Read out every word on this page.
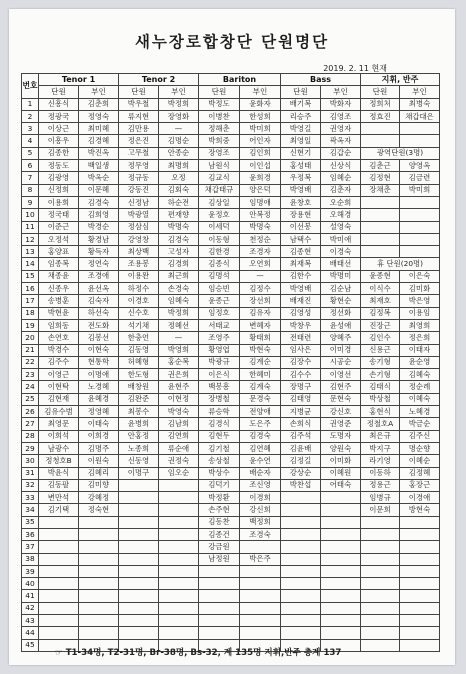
새누장로합창단 단원명단
2019. 2. 11 현재
번호	Tenor 1		Tenor 2		Bariton		Bass		지휘, 반주	
	단원	부인	단원	부인	단원	부인	단원	부인	단원	부인
1	신흥식	김춘희	박우철	박정희	박정도	윤화자	배기복	박화자	정희처	최병숙
2	정광국	정영숙	류지현	장영화	이병찬	한성희	리승주	김영조	정효진	채갑대은
3	이상근	최미혜	김만용	—	정해춘	박미희	박영길	권영자		
4	이흥우	김경혜	정은진	김명순	박희중	어인자	최영일	곽옥자		
5	김종한	박진옥	고무철	안종순	장영조	김인희	신현기	김갑순	광역단원(3명)	
6	정동도	백일생	정무영	최명희	남원식	이인섭	홍성태	신상식	김춘근	양영옥
7	김광영	박옥순	정규동	오정	김교식	윤희경	우정복	임혜순	김정현	김금련
8	신정희	이문혜	강동진	김회숙	채갑태규	양은덕	박영배	김춘자	장채춘	박미희
9	이용희	김경숙	신정남	하순전	김상일	임명애	윤창호	오순희		
10	정국태	김희영	박광열	편재향	윤정호	안복정	장용현	오해경		
11	이준근	박경순	정삼심	박명숙	이세덕	박명숙	이선봉	설영숙		
12	오정석	황경남	강영창	김경숙	이동형	천정순	남택수	박미애		
13	홍양표	황득자	최상백	고성자	김한경	조경자	김종현	이경숙		
14	임종복	정연숙	조용봉	김경희	김종식	오연희	최재복	배태선	휴 단원(20명)	
15	채종윤	조경애	이용완	최근희	김명석	—	김한수	박명미	윤종현	이은숙
16	신종우	윤선옥	하정수	손경숙	임승빈	김정수	박영배	김순남	이식수	김미화
17	송병훈	김숙자	이경호	임혜숙	윤종근	장선희	배재진	황현순	최재호	박은영
18	박현윤	하선숙	신수호	박정희	임정호	김유자	김영성	정선화	김정복	이용임
19	임희동	전도화	석기채	정혜선	서태교	변혜자	박창우	윤성애	진장근	최영희
20	손연호	김봉선	한충언	—	조영주	황태희	전태련	양혜주	김인수	정은희
21	박경수	이현숙	김동영	박영희	황영엽	박현숙	임사은	이미경	신용근	이태자
22	김주수	현통학	허혜형	홍순복	박광규	김계순	김장수	시공순	송기형	윤순영
23	이영근	이명애	한도형	권은희	이은식	한혜미	김수수	이영선	손기형	김혜숙
24	이현탁	노경혜	배창원	윤현주	백봉흥	김계숙	장명구	김현주	김태식	정순례
25	김현재	윤혜경	김완준	이현정	장병철	문경숙	김태영	문현숙	박상철	이혜숙
26	김유수범	정영혜	최봉수	박영숙	류승학	전양애	지병균	강신호	홍현식	노혜경
27	최영문	이태숙	윤병희	김남희	김경식	도은주	손희식	권영준	정철호A	박금순
28	이희석	이희경	안홍정	김연희	김현두	김경숙	김주석	도명자	최은규	김주신
29	남광수	김명주	노종희	류순애	김기철	김연혜	김윤배	양원숙	박지구	명순향
30	정청호B	이원숙	신동영	권정숙	송상철	윤수연	김정길	이미화	라기영	이혜순
31	박윤식	김혜리	이명구	임오순	박상수	배순자	강상순	이혜원	이동하	김정혜
32	김동팔	김미향			김덕기	조신영	박찬섭	어태숙	정용근	홍장근
33	변만석	강혜정			박정환	이경희			임병규	이경애
34	김기택	정숙현			손주현	강신희			이문희	방현숙
35					김동찬	백정희				
36					김종건	조경숙				
37					강금원					
38					남정원	박은주				
39										
40										
41										
42										
43										
44										
45										
☞ T1-34명, T2-31명, Br-38명, Bs-32, 계 135명 지휘,반주 총계 137
